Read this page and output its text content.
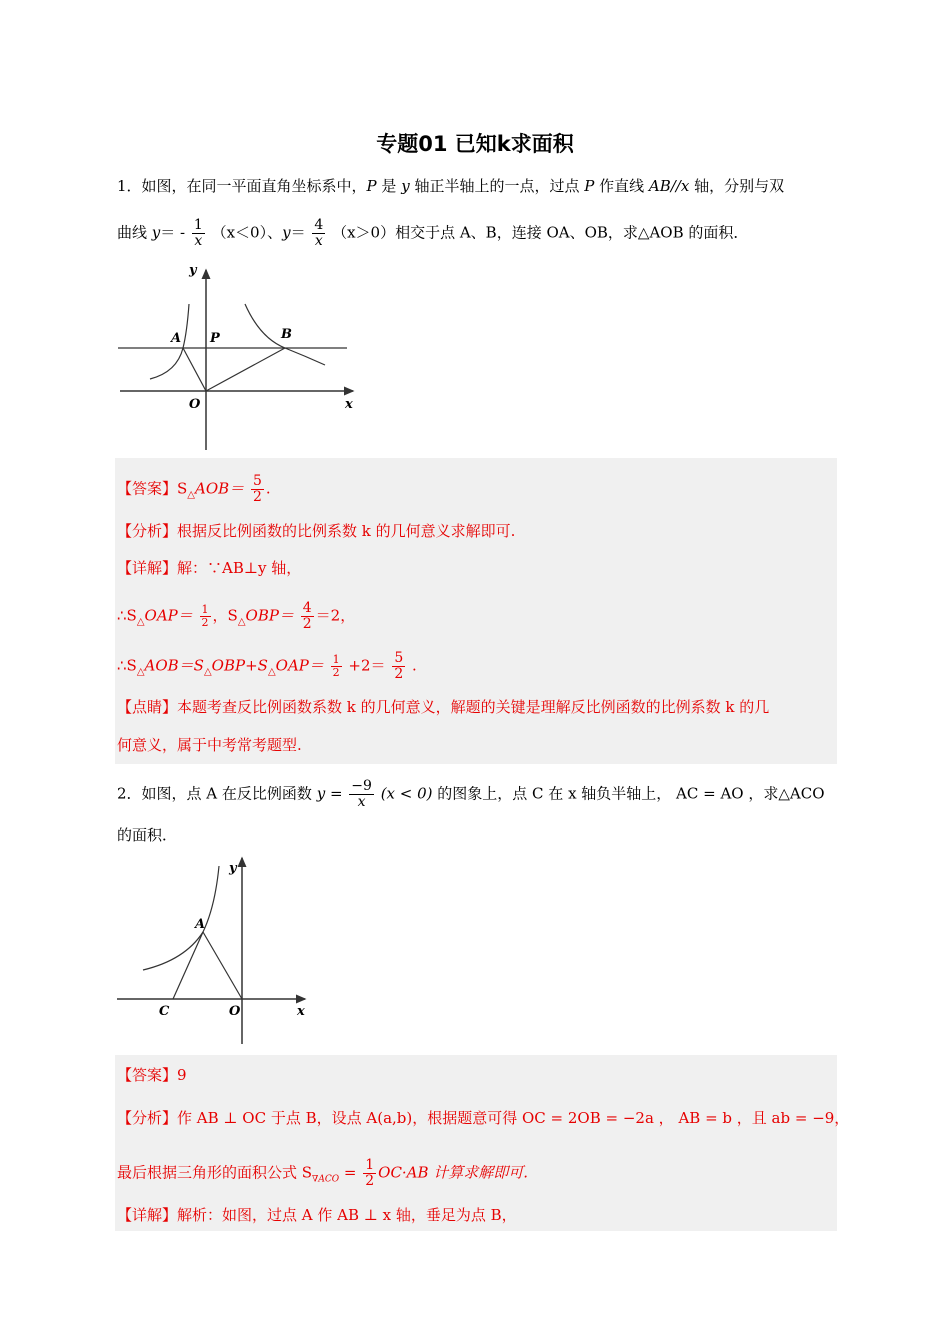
专题01 已知k求面积
1．如图，在同一平面直角坐标系中，P 是 y 轴正半轴上的一点，过点 P 作直线 AB//x 轴，分别与双
曲线 $y= - \frac{1}{x} (x<0)$、$y= \frac{4}{x} (x>0)$相交于点 A、B，连接 OA、OB，求△AOB 的面积．
y
x
A P	B
O
【答案】$S_\triangle AOB= \frac{5}{2}$ .
【分析】根据反比例函数的比例系数 k 的几何意义求解即可.
【详解】解：∵AB⊥y 轴，
$\therefore S_\triangle OAP= \frac{1}{2}$ ，$S_\triangle OBP= \frac{4}{2} =2$，
$\therefore S_\triangle AOB=S_\triangle OBP+S_\triangle OAP= \frac{1}{2} +2= \frac{5}{2}$ .
【点睛】本题考查反比例函数系数 k 的几何意义，解题的关键是理解反比例函数的比例系数 k 的几
何意义，属于中考常考题型.
2．如图，点 A 在反比例函数 $y = \frac{-9}{x} (x < 0)$ 的图象上，点 C 在 x 轴负半轴上， AC = AO ，求△ACO
的面积．
y
x
A
C	O
【答案】9
【分析】作 AB ⊥ OC 于点 B，设点 A(a,b)，根据题意可得 OC = 2OB = −2a ， AB = b ，且 ab = −9，
最后根据三角形的面积公式 $S_{\nabla ACO} = \frac{1}{2} OC\cdot AB$ 计算求解即可.
【详解】解析：如图，过点 A 作 AB ⊥ x 轴，垂足为点 B，
